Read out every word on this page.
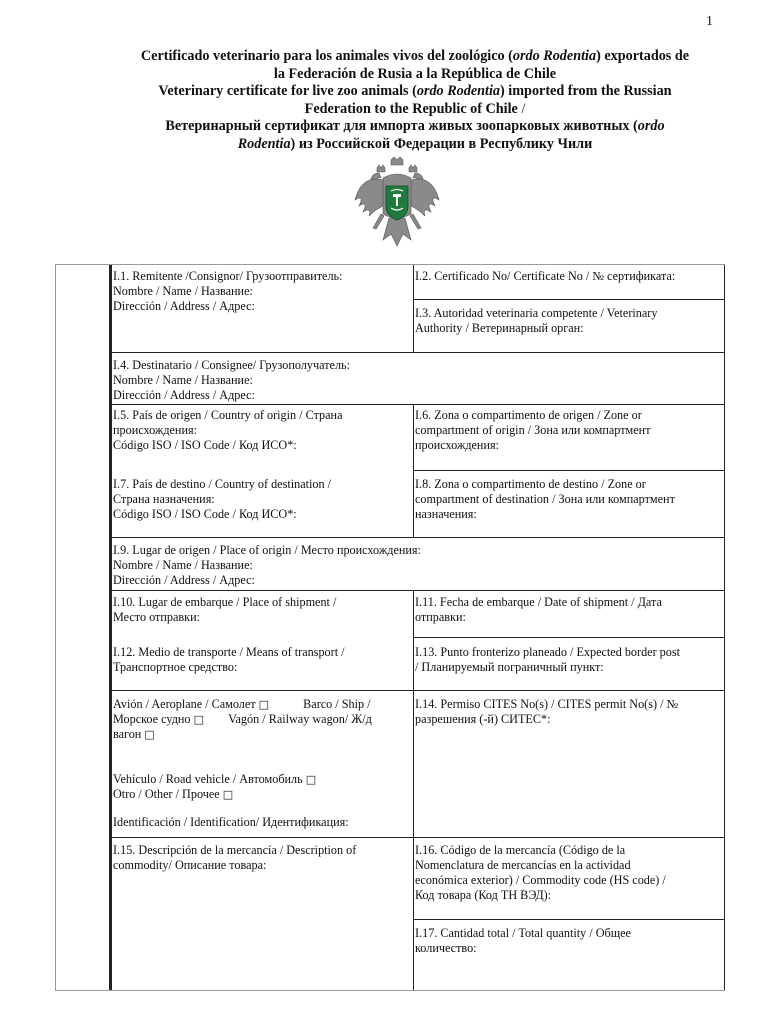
1
Certificado veterinario para los animales vivos del zoológico (ordo Rodentia) exportados de
la Federación de Rusia a la República de Chile
Veterinary certificate for live zoo animals (ordo Rodentia) imported from the Russian
Federation to the Republic of Chile /
Ветеринарный сертификат для импорта живых зоопарковых животных (ordo
Rodentia) из Российской Федерации в Республику Чили
I.1. Remitente /Consignor/ Грузоотправитель:
Nombre / Name / Название:
Dirección / Address / Адрес:
I.2. Certificado No/ Certificate No / № сертификата:
I.3. Autoridad veterinaria competente / Veterinary
Authority / Ветеринарный орган:
I.4. Destinatario / Consignee/ Грузополучатель:
Nombre / Name / Название:
Dirección / Address / Адрес:
I.5. País de origen / Country of origin / Страна
происхождения:
Código ISO / ISO Code / Код ИСО*:
I.6. Zona o compartimento de origen / Zone or
compartment of origin / Зона или компартмент
происхождения:
I.7. País de destino / Country of destination /
Страна назначения:
Código ISO / ISO Code / Код ИСО*:
I.8. Zona o compartimento de destino / Zone or
compartment of destination / Зона или компартмент
назначения:
I.9. Lugar de origen / Place of origin / Место происхождения:
Nombre / Name / Название:
Dirección / Address / Адрес:
I.10. Lugar de embarque / Place of shipment /
Место отправки:
I.11. Fecha de embarque / Date of shipment / Дата
отправки:
I.12. Medio de transporte / Means of transport /
Транспортное средство:
I.13. Punto fronterizo planeado / Expected border post
/ Планируемый пограничный пункт:
Avión / Aeroplane / Самолет □	Barco / Ship /
Морское судно □ Vagón / Railway wagon/ Ж/д
вагон □
Vehículo / Road vehicle / Автомобиль □
Otro / Other / Прочее □
Identificación / Identification/ Идентификация:
I.14. Permiso CITES No(s) / CITES permit No(s) / №
разрешения (-й) СИТЕС*:
I.15. Descripción de la mercancía / Description of
commodity/ Описание товара:
I.16. Código de la mercancía (Código de la
Nomenclatura de mercancías en la actividad
económica exterior) / Commodity code (HS code) /
Код товара (Код ТН ВЭД):
I.17. Cantidad total / Total quantity / Общее
количество:
